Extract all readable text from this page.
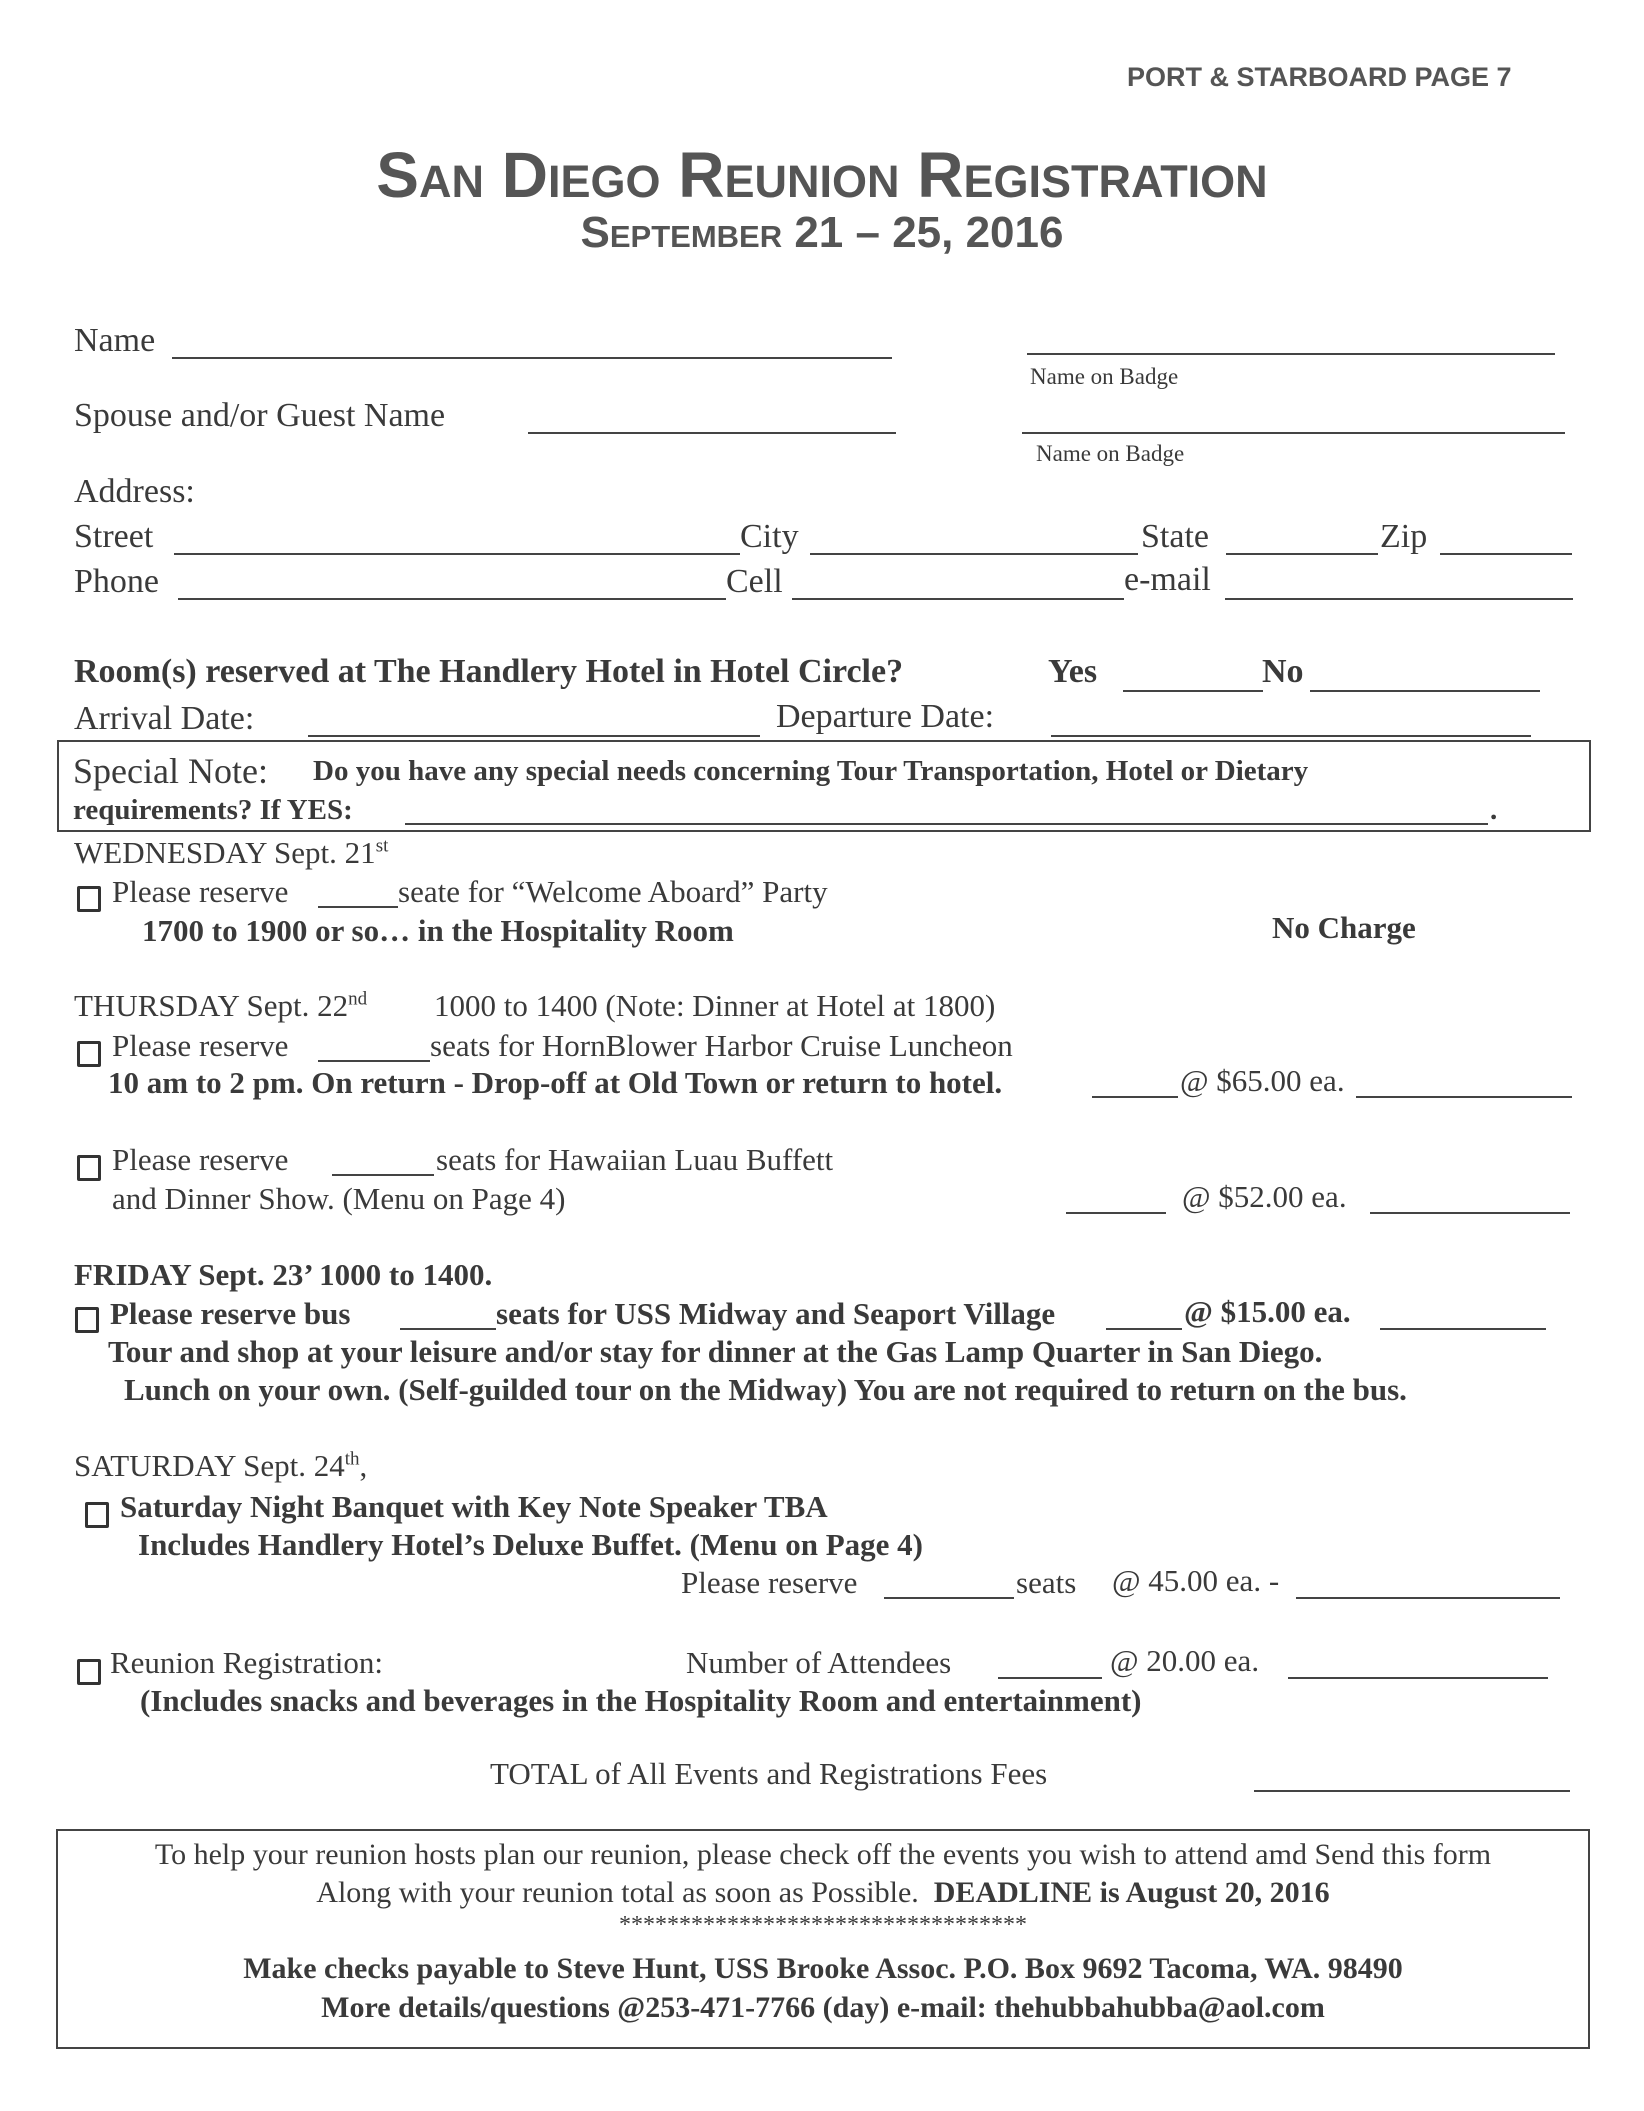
PORT & STARBOARD PAGE 7
San Diego Reunion Registration
September 21 – 25, 2016
Name
Name on Badge
Spouse and/or Guest Name
Name on Badge
Address:
Street	City	State	Zip
Phone	Cell	e-mail
Room(s) reserved at The Handlery Hotel in Hotel Circle?	Yes	No
Arrival Date:	Departure Date:
Special Note: Do you have any special needs concerning Tour Transportation, Hotel or Dietary
requirements? If YES:	.
WEDNESDAY Sept. 21st
Please reserve	seate for “Welcome Aboard” Party
1700 to 1900 or so… in the Hospitality Room	No Charge
THURSDAY Sept. 22nd 1000 to 1400 (Note: Dinner at Hotel at 1800)
Please reserve	seats for HornBlower Harbor Cruise Luncheon
10 am to 2 pm. On return - Drop-off at Old Town or return to hotel.	@ $65.00 ea.
Please reserve	seats for Hawaiian Luau Buffett
and Dinner Show. (Menu on Page 4)	@ $52.00 ea.
FRIDAY Sept. 23’ 1000 to 1400.
Please reserve bus	seats for USS Midway and Seaport Village	@ $15.00 ea.
Tour and shop at your leisure and/or stay for dinner at the Gas Lamp Quarter in San Diego.
Lunch on your own. (Self-guilded tour on the Midway) You are not required to return on the bus.
SATURDAY Sept. 24th,
Saturday Night Banquet with Key Note Speaker TBA
Includes Handlery Hotel’s Deluxe Buffet. (Menu on Page 4)
Please reserve	seats @ 45.00 ea. -
Reunion Registration:	Number of Attendees	@ 20.00 ea.
(Includes snacks and beverages in the Hospitality Room and entertainment)
TOTAL of All Events and Registrations Fees
To help your reunion hosts plan our reunion, please check off the events you wish to attend amd Send this form
Along with your reunion total as soon as Possible. DEADLINE is August 20, 2016
**********************************
Make checks payable to Steve Hunt, USS Brooke Assoc. P.O. Box 9692 Tacoma, WA. 98490
More details/questions @253-471-7766 (day) e-mail: thehubbahubba@aol.com
